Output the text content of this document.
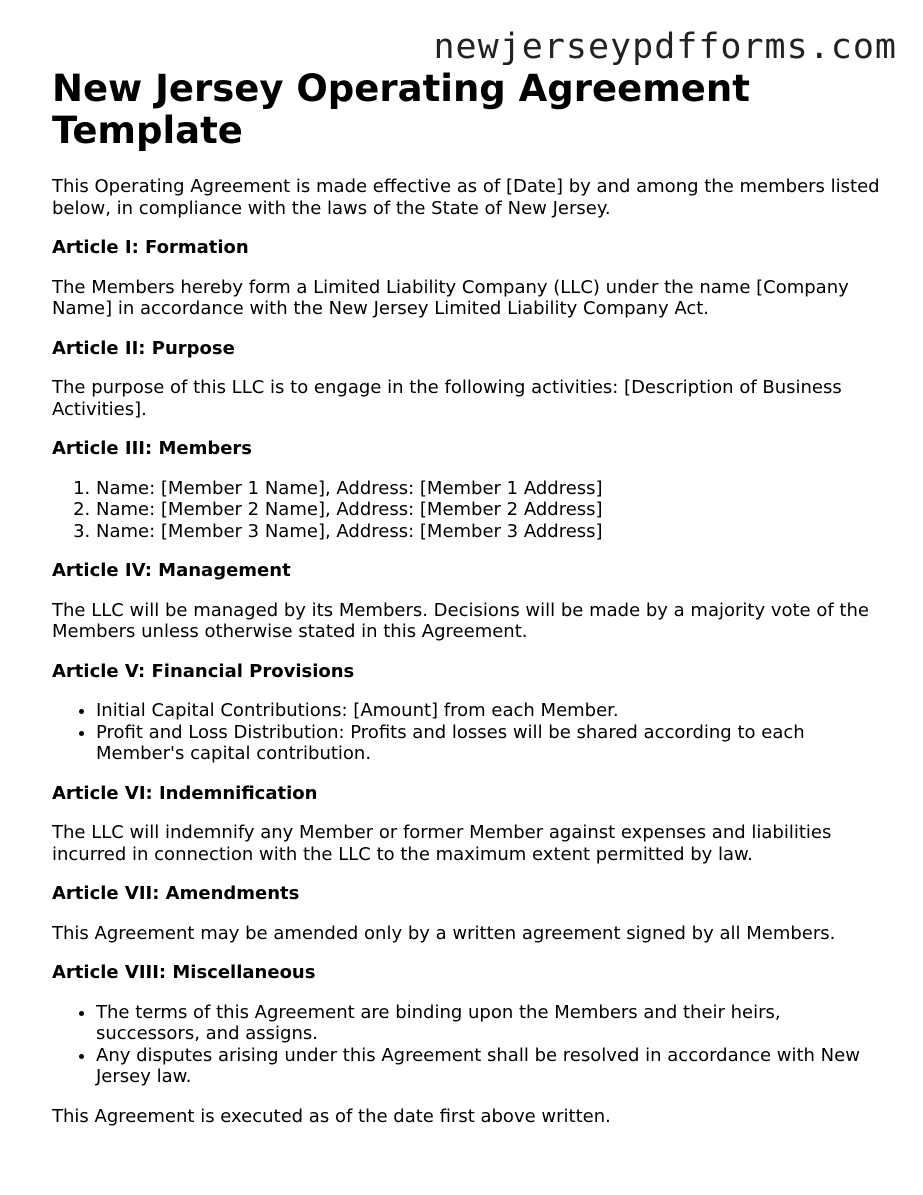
newjerseypdfforms.com
New Jersey Operating Agreement Template

This Operating Agreement is made effective as of [Date] by and among the members listed below, in compliance with the laws of the State of New Jersey.

Article I: Formation

The Members hereby form a Limited Liability Company (LLC) under the name [Company Name] in accordance with the New Jersey Limited Liability Company Act.

Article II: Purpose

The purpose of this LLC is to engage in the following activities: [Description of Business Activities].

Article III: Members
1. Name: [Member 1 Name], Address: [Member 1 Address]
2. Name: [Member 2 Name], Address: [Member 2 Address]
3. Name: [Member 3 Name], Address: [Member 3 Address]
Article IV: Management

The LLC will be managed by its Members. Decisions will be made by a majority vote of the Members unless otherwise stated in this Agreement.

Article V: Financial Provisions
• Initial Capital Contributions: [Amount] from each Member.
• Profit and Loss Distribution: Profits and losses will be shared according to each Member's capital contribution.
Article VI: Indemnification

The LLC will indemnify any Member or former Member against expenses and liabilities incurred in connection with the LLC to the maximum extent permitted by law.

Article VII: Amendments

This Agreement may be amended only by a written agreement signed by all Members.

Article VIII: Miscellaneous
• The terms of this Agreement are binding upon the Members and their heirs, successors, and assigns.
• Any disputes arising under this Agreement shall be resolved in accordance with New Jersey law.

This Agreement is executed as of the date first above written.
